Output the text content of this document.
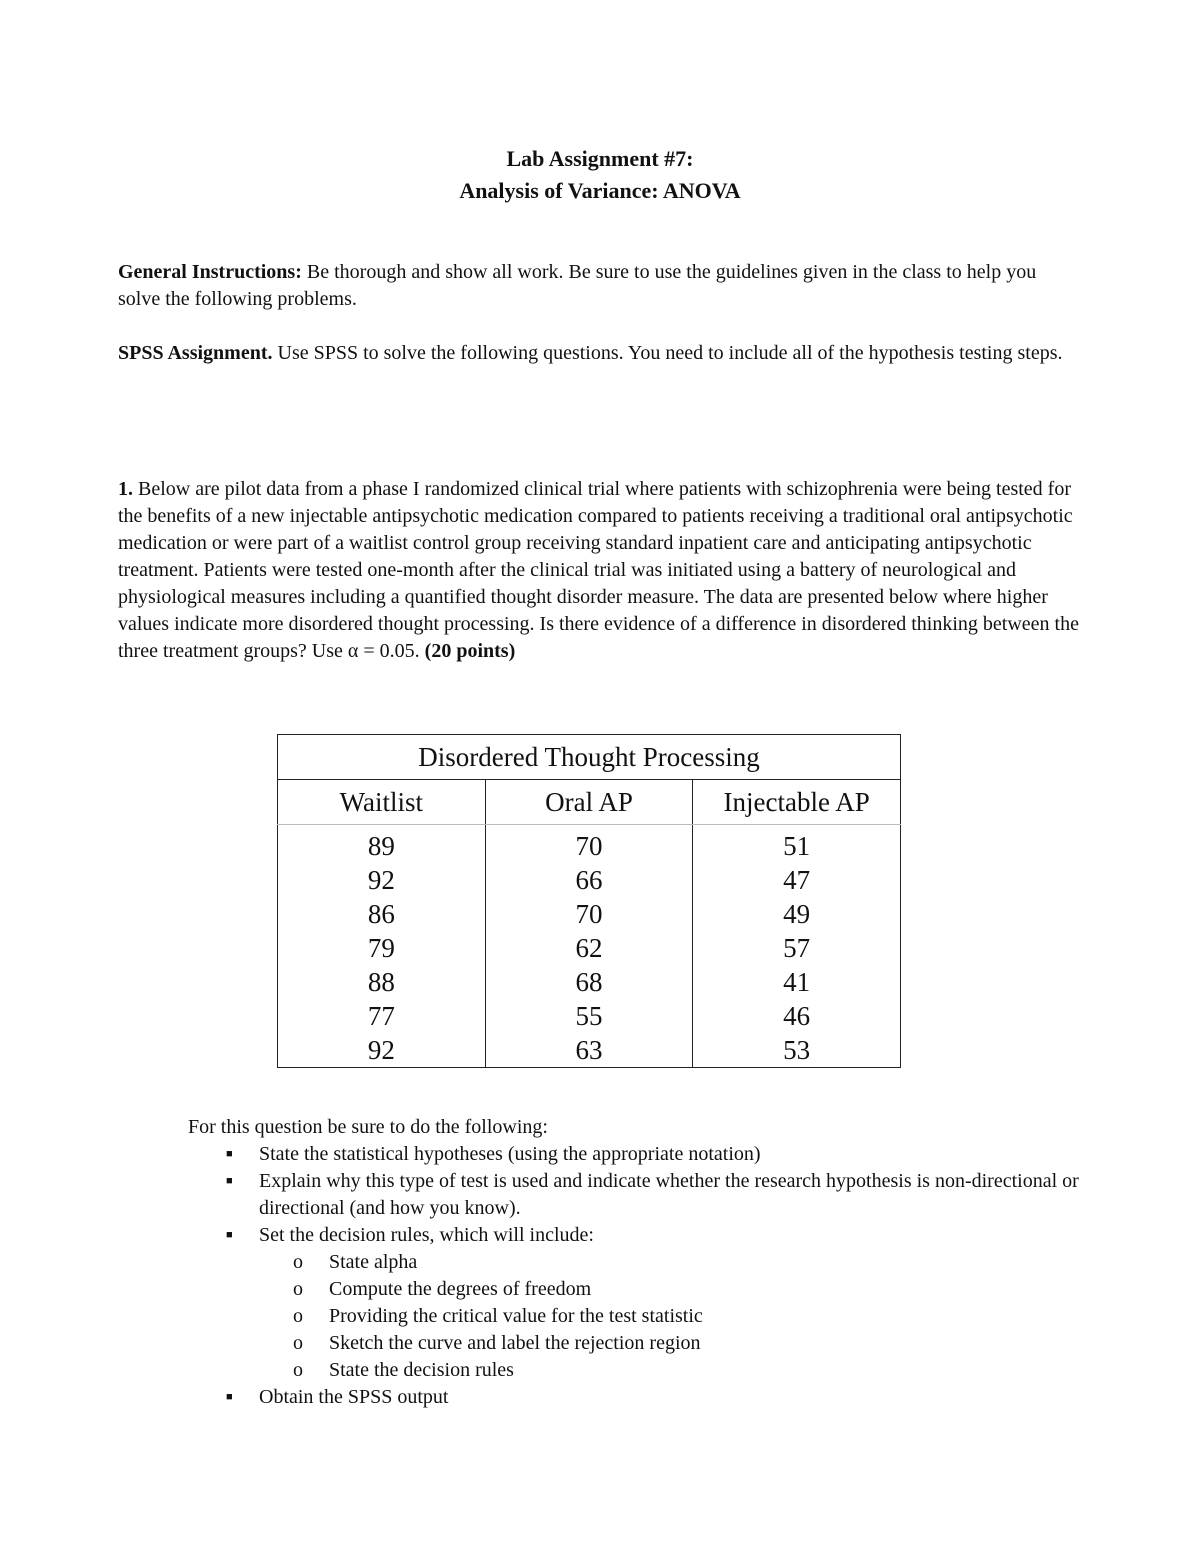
Lab Assignment #7:
Analysis of Variance: ANOVA

General Instructions: Be thorough and show all work. Be sure to use the guidelines given in the class to help you solve the following problems.

SPSS Assignment. Use SPSS to solve the following questions. You need to include all of the hypothesis testing steps.

1. Below are pilot data from a phase I randomized clinical trial where patients with schizophrenia were being tested for the benefits of a new injectable antipsychotic medication compared to patients receiving a traditional oral antipsychotic medication or were part of a waitlist control group receiving standard inpatient care and anticipating antipsychotic treatment. Patients were tested one-month after the clinical trial was initiated using a battery of neurological and physiological measures including a quantified thought disorder measure. The data are presented below where higher values indicate more disordered thought processing. Is there evidence of a difference in disordered thinking between the three treatment groups? Use α = 0.05. (20 points)

Disordered Thought Processing		
Waitlist	Oral AP	Injectable AP
89	70	51
92	66	47
86	70	49
79	62	57
88	68	41
77	55	46
92	63	53
For this question be sure to do the following:
■ State the statistical hypotheses (using the appropriate notation)
■ Explain why this type of test is used and indicate whether the research hypothesis is non-directional or directional (and how you know).
■ Set the decision rules, which will include:
o State alpha
o Compute the degrees of freedom
o Providing the critical value for the test statistic
o Sketch the curve and label the rejection region
o State the decision rules
■ Obtain the SPSS output
